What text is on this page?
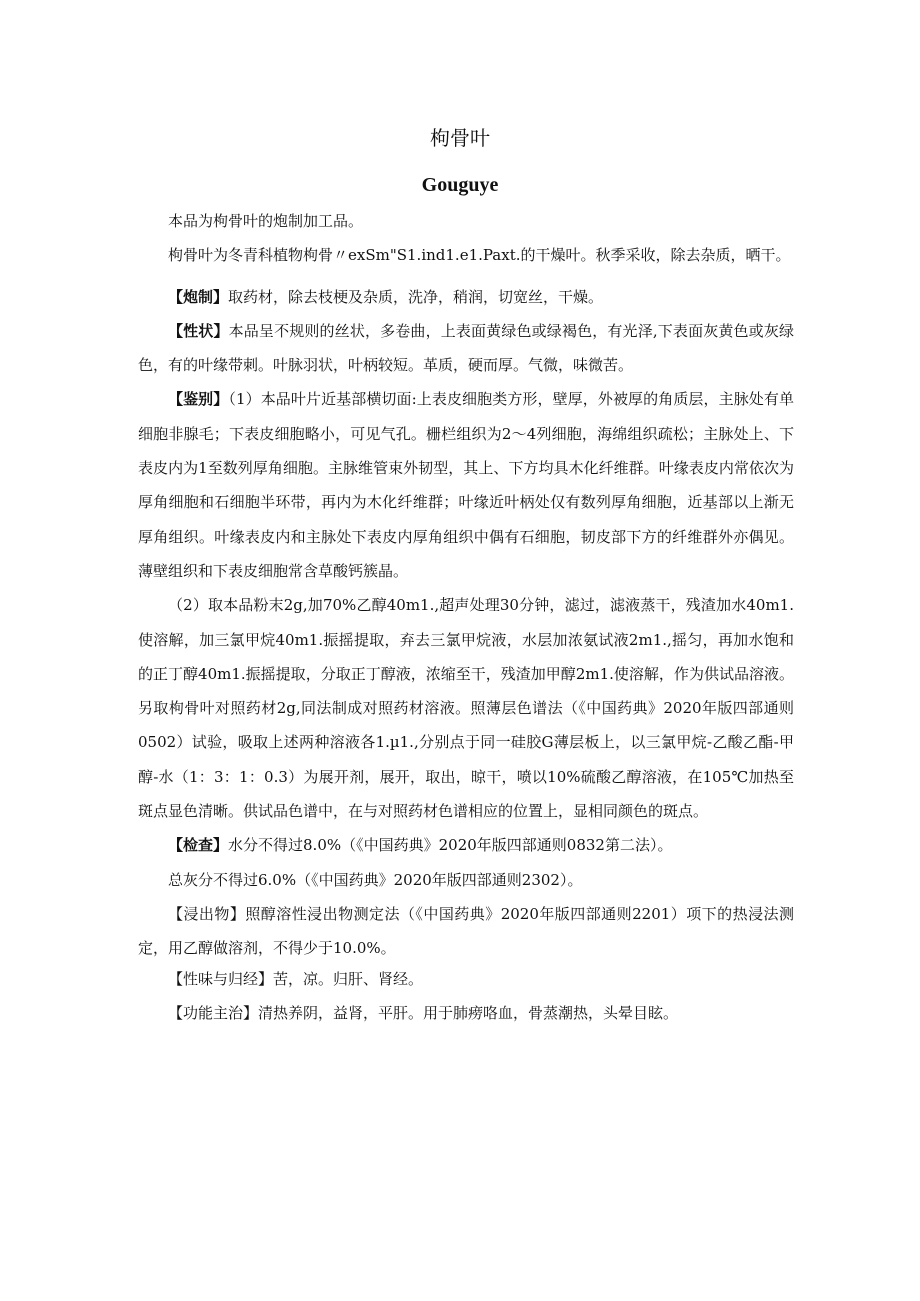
枸骨叶
Gouguye

本品为枸骨叶的炮制加工品。

枸骨叶为冬青科植物枸骨〃exSm"S1.ind1.e1.Paxt.的干燥叶。秋季采收，除去杂质，晒干。

【炮制】取药材，除去枝梗及杂质，洗净，稍润，切宽丝，干燥。

【性状】本品呈不规则的丝状，多卷曲，上表面黄绿色或绿褐色，有光泽,下表面灰黄色或灰绿色，有的叶缘带刺。叶脉羽状，叶柄较短。革质，硬而厚。气微，味微苦。

【鉴别】（1）本品叶片近基部横切面:上表皮细胞类方形，壁厚，外被厚的角质层，主脉处有单细胞非腺毛；下表皮细胞略小，可见气孔。栅栏组织为2〜4列细胞，海绵组织疏松；主脉处上、下表皮内为1至数列厚角细胞。主脉维管束外韧型，其上、下方均具木化纤维群。叶缘表皮内常依次为厚角细胞和石细胞半环带，再内为木化纤维群；叶缘近叶柄处仅有数列厚角细胞，近基部以上渐无厚角组织。叶缘表皮内和主脉处下表皮内厚角组织中偶有石细胞，韧皮部下方的纤维群外亦偶见。薄壁组织和下表皮细胞常含草酸钙簇晶。

（2）取本品粉末2g,加70%乙醇40m1.,超声处理30分钟，滤过，滤液蒸干，残渣加水40m1.使溶解，加三氯甲烷40m1.振摇提取，弃去三氯甲烷液，水层加浓氨试液2m1.,摇匀，再加水饱和的正丁醇40m1.振摇提取，分取正丁醇液，浓缩至干，残渣加甲醇2m1.使溶解，作为供试品溶液。另取枸骨叶对照药材2g,同法制成对照药材溶液。照薄层色谱法（《中国药典》2020年版四部通则0502）试验，吸取上述两种溶液各1.µ1.,分别点于同一硅胶G薄层板上，以三氯甲烷-乙酸乙酯-甲醇-水（1：3：1：0.3）为展开剂，展开，取出，晾干，喷以10%硫酸乙醇溶液，在105℃加热至斑点显色清晰。供试品色谱中，在与对照药材色谱相应的位置上，显相同颜色的斑点。

【检查】水分不得过8.0%（《中国药典》2020年版四部通则0832第二法）。

总灰分不得过6.0%（《中国药典》2020年版四部通则2302）。

【浸出物】照醇溶性浸出物测定法（《中国药典》2020年版四部通则2201）项下的热浸法测定，用乙醇做溶剂，不得少于10.0%。

【性味与归经】苦，凉。归肝、肾经。

【功能主治】清热养阴，益肾，平肝。用于肺痨咯血，骨蒸潮热，头晕目眩。
